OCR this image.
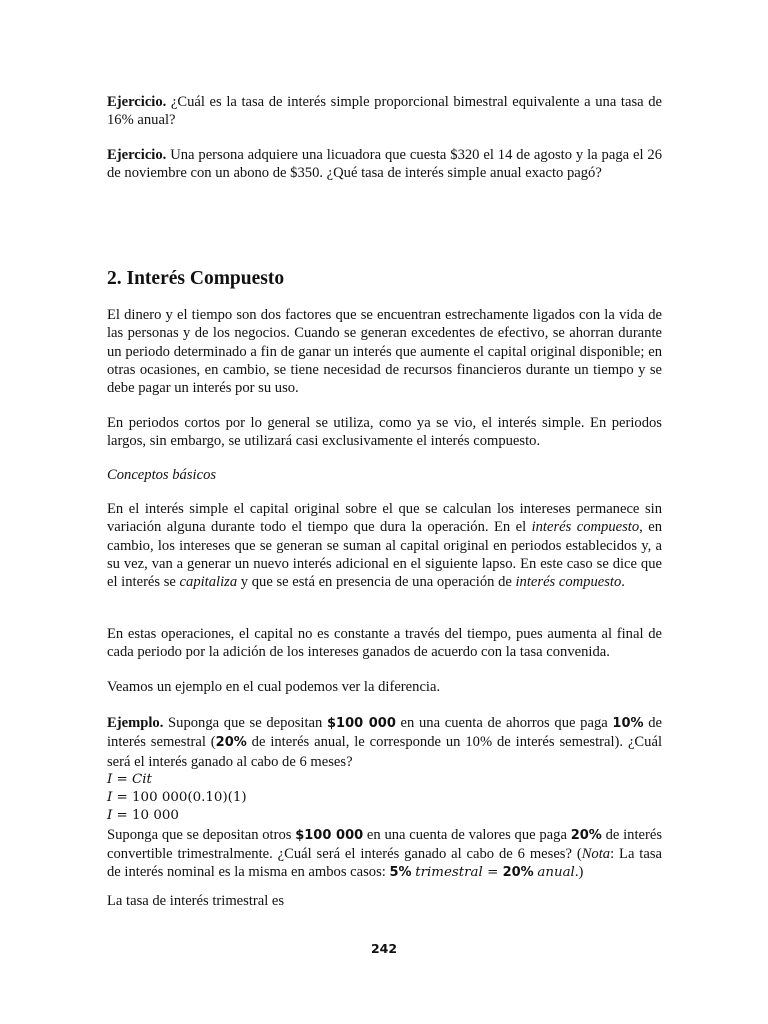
Ejercicio. ¿Cuál es la tasa de interés simple proporcional bimestral equivalente a una tasa de 16% anual?
Ejercicio. Una persona adquiere una licuadora que cuesta $320 el 14 de agosto y la paga el 26 de noviembre con un abono de $350. ¿Qué tasa de interés simple anual exacto pagó?
2. Interés Compuesto

El dinero y el tiempo son dos factores que se encuentran estrechamente ligados con la vida de las personas y de los negocios. Cuando se generan excedentes de efectivo, se ahorran durante un periodo determinado a fin de ganar un interés que aumente el capital original disponible; en otras ocasiones, en cambio, se tiene necesidad de recursos financieros durante un tiempo y se debe pagar un interés por su uso.

En periodos cortos por lo general se utiliza, como ya se vio, el interés simple. En periodos largos, sin embargo, se utilizará casi exclusivamente el interés compuesto.

Conceptos básicos

En el interés simple el capital original sobre el que se calculan los intereses permanece sin variación alguna durante todo el tiempo que dura la operación. En el interés compuesto, en cambio, los intereses que se generan se suman al capital original en periodos establecidos y, a su vez, van a generar un nuevo interés adicional en el siguiente lapso. En este caso se dice que el interés se capitaliza y que se está en presencia de una operación de interés compuesto.

En estas operaciones, el capital no es constante a través del tiempo, pues aumenta al final de cada periodo por la adición de los intereses ganados de acuerdo con la tasa convenida.

Veamos un ejemplo en el cual podemos ver la diferencia.

Ejemplo. Suponga que se depositan $100 000 en una cuenta de ahorros que paga 10% de interés semestral (20% de interés anual, le corresponde un 10% de interés semestral). ¿Cuál será el interés ganado al cabo de 6 meses?

I = Cit

I = 100 000(0.10)(1)

I = 10 000

Suponga que se depositan otros $100 000 en una cuenta de valores que paga 20% de interés convertible trimestralmente. ¿Cuál será el interés ganado al cabo de 6 meses? (Nota: La tasa de interés nominal es la misma en ambos casos: 5% trimestral = 20% anual.)

La tasa de interés trimestral es

242
